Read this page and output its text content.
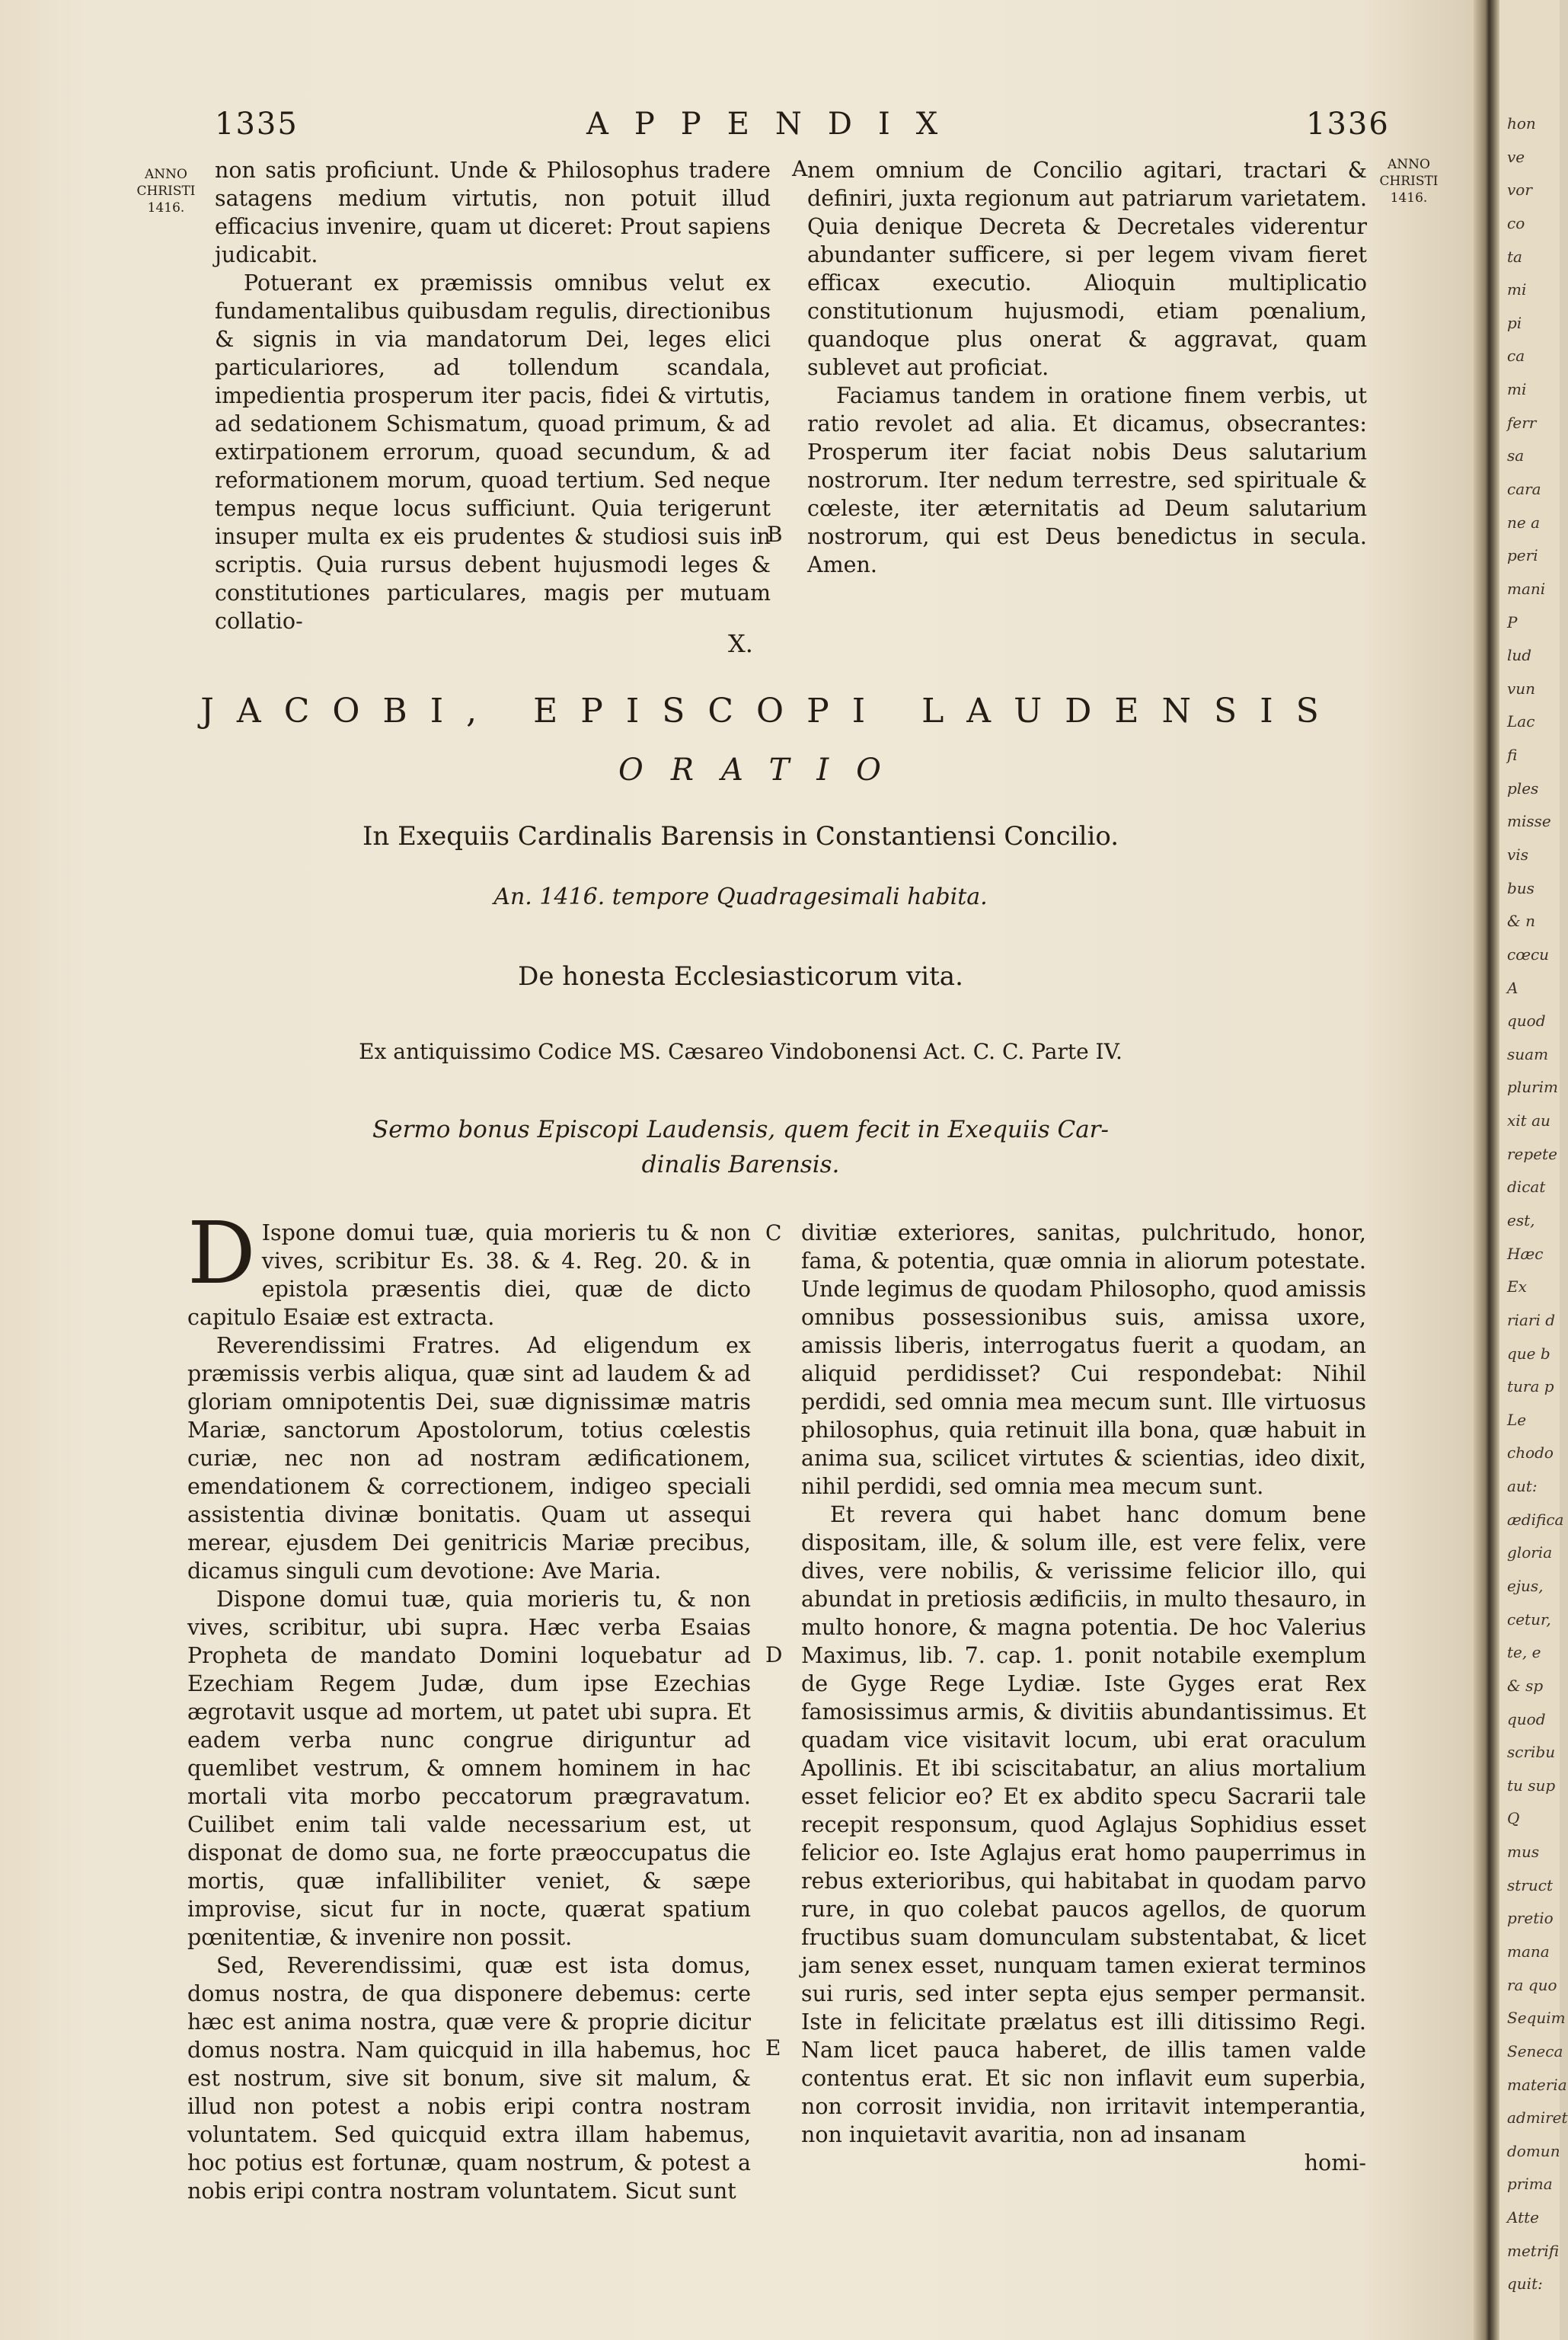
1335	APPENDIX	1336
ANNO CHRISTI 1416.
ANNO CHRISTI 1416.

non satis proficiunt. Unde & Philosophus tradere satagens medium virtutis, non potuit illud efficacius invenire, quam ut diceret: Prout sapiens judicabit.

Potuerant ex præmissis omnibus velut ex fundamentalibus quibusdam regulis, directionibus & signis in via mandatorum Dei, leges elici particulariores, ad tollendum scandala, impedientia prosperum iter pacis, fidei & virtutis, ad sedationem Schismatum, quoad primum, & ad extirpationem errorum, quoad secundum, & ad reformationem morum, quoad tertium. Sed neque tempus neque locus sufficiunt. Quia terigerunt insuper multa ex eis prudentes & studiosi suis in scriptis. Quia rursus debent hujusmodi leges & constitutiones particulares, magis per mutuam collatio-

A
B

nem omnium de Concilio agitari, tractari & definiri, juxta regionum aut patriarum varietatem. Quia denique Decreta & Decretales viderentur abundanter sufficere, si per legem vivam fieret efficax executio. Alioquin multiplicatio constitutionum hujusmodi, etiam pœnalium, quandoque plus onerat & aggravat, quam sublevet aut proficiat.

Faciamus tandem in oratione finem verbis, ut ratio revolet ad alia. Et dicamus, obsecrantes: Prosperum iter faciat nobis Deus salutarium nostrorum. Iter nedum terrestre, sed spirituale & cœleste, iter æternitatis ad Deum salutarium nostrorum, qui est Deus benedictus in secula. Amen.

X.
JACOBI, EPISCOPI LAUDENSIS
ORATIO
In Exequiis Cardinalis Barensis in Constantiensi Concilio.
An. 1416. tempore Quadragesimali habita.
De honesta Ecclesiasticorum vita.
Ex antiquissimo Codice MS. Cæsareo Vindobonensi Act. C. C. Parte IV.
Sermo bonus Episcopi Laudensis, quem fecit in Exequiis Car-
dinalis Barensis.

D Ispone domui tuæ, quia morieris tu & non vives, scribitur Es. 38. & 4. Reg. 20. & in epistola præsentis diei, quæ de dicto capitulo Esaiæ est extracta.

Reverendissimi Fratres. Ad eligendum ex præmissis verbis aliqua, quæ sint ad laudem & ad gloriam omnipotentis Dei, suæ dignissimæ matris Mariæ, sanctorum Apostolorum, totius cœlestis curiæ, nec non ad nostram ædificationem, emendationem & correctionem, indigeo speciali assistentia divinæ bonitatis. Quam ut assequi merear, ejusdem Dei genitricis Mariæ precibus, dicamus singuli cum devotione: Ave Maria.

Dispone domui tuæ, quia morieris tu, & non vives, scribitur, ubi supra. Hæc verba Esaias Propheta de mandato Domini loquebatur ad Ezechiam Regem Judæ, dum ipse Ezechias ægrotavit usque ad mortem, ut patet ubi supra. Et eadem verba nunc congrue diriguntur ad quemlibet vestrum, & omnem hominem in hac mortali vita morbo peccatorum prægravatum. Cuilibet enim tali valde necessarium est, ut disponat de domo sua, ne forte præoccupatus die mortis, quæ infallibiliter veniet, & sæpe improvise, sicut fur in nocte, quærat spatium pœnitentiæ, & invenire non possit.

Sed, Reverendissimi, quæ est ista domus, domus nostra, de qua disponere debemus: certe hæc est anima nostra, quæ vere & proprie dicitur domus nostra. Nam quicquid in illa habemus, hoc est nostrum, sive sit bonum, sive sit malum, & illud non potest a nobis eripi contra nostram voluntatem. Sed quicquid extra illam habemus, hoc potius est fortunæ, quam nostrum, & potest a nobis eripi contra nostram voluntatem. Sicut sunt

C
D
E

divitiæ exteriores, sanitas, pulchritudo, honor, fama, & potentia, quæ omnia in aliorum potestate. Unde legimus de quodam Philosopho, quod amissis omnibus possessionibus suis, amissa uxore, amissis liberis, interrogatus fuerit a quodam, an aliquid perdidisset? Cui respondebat: Nihil perdidi, sed omnia mea mecum sunt. Ille virtuosus philosophus, quia retinuit illa bona, quæ habuit in anima sua, scilicet virtutes & scientias, ideo dixit, nihil perdidi, sed omnia mea mecum sunt.

Et revera qui habet hanc domum bene dispositam, ille, & solum ille, est vere felix, vere dives, vere nobilis, & verissime felicior illo, qui abundat in pretiosis ædificiis, in multo thesauro, in multo honore, & magna potentia. De hoc Valerius Maximus, lib. 7. cap. 1. ponit notabile exemplum de Gyge Rege Lydiæ. Iste Gyges erat Rex famosissimus armis, & divitiis abundantissimus. Et quadam vice visitavit locum, ubi erat oraculum Apollinis. Et ibi sciscitabatur, an alius mortalium esset felicior eo? Et ex abdito specu Sacrarii tale recepit responsum, quod Aglajus Sophidius esset felicior eo. Iste Aglajus erat homo pauperrimus in rebus exterioribus, qui habitabat in quodam parvo rure, in quo colebat paucos agellos, de quorum fructibus suam domunculam substentabat, & licet jam senex esset, nunquam tamen exierat terminos sui ruris, sed inter septa ejus semper permansit. Iste in felicitate prælatus est illi ditissimo Regi. Nam licet pauca haberet, de illis tamen valde contentus erat. Et sic non inflavit eum superbia, non corrosit invidia, non irritavit intemperantia, non inquietavit avaritia, non ad insanam

homi-

hon
ve
vor
co
ta
mi
pi
ca
mi
ferr
sa
cara
ne a
peri
mani
P
lud
vun
Lac
fi
ples
misse
vis
bus
& n
cœcu
A
quod
suam
plurim
xit au
repete
dicat
est,
Hæc
Ex
riari d
que b
tura p
Le
chodo
aut:
ædifica
gloria
ejus,
cetur,
te, e
& sp
quod
scribu
tu sup
Q
mus
struct
pretio
mana
ra quo
Sequim
Seneca
materia
admiret
domun
prima
Atte
metrifi
quit:
